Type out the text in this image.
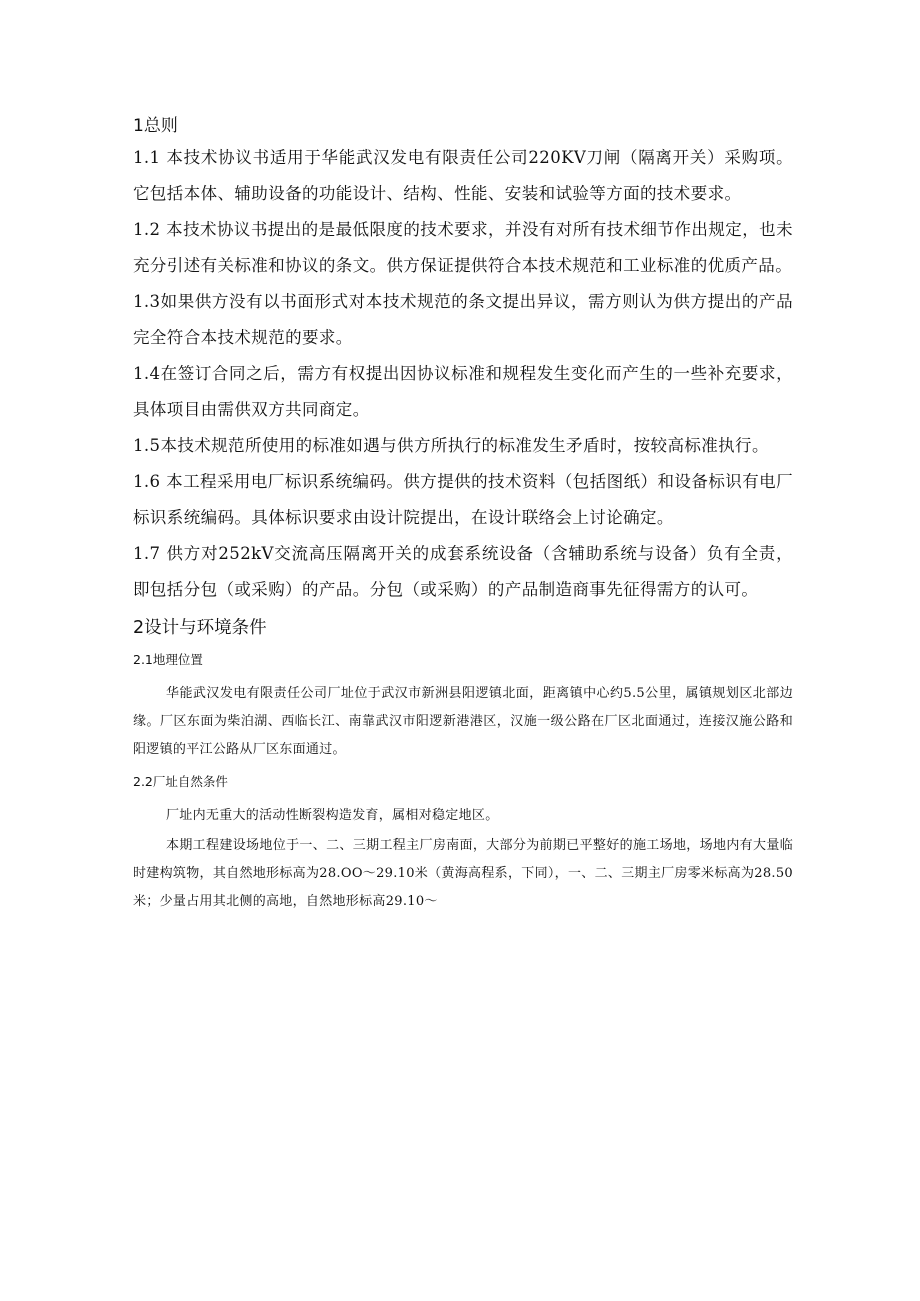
1总则

1.1 本技术协议书适用于华能武汉发电有限责任公司220KV刀闸（隔离开关）采购项。它包括本体、辅助设备的功能设计、结构、性能、安装和试验等方面的技术要求。

1.2 本技术协议书提出的是最低限度的技术要求，并没有对所有技术细节作出规定，也未充分引述有关标准和协议的条文。供方保证提供符合本技术规范和工业标准的优质产品。

1.3如果供方没有以书面形式对本技术规范的条文提出异议，需方则认为供方提出的产品完全符合本技术规范的要求。

1.4在签订合同之后，需方有权提出因协议标准和规程发生变化而产生的一些补充要求，具体项目由需供双方共同商定。

1.5本技术规范所使用的标准如遇与供方所执行的标准发生矛盾时，按较高标准执行。

1.6 本工程采用电厂标识系统编码。供方提供的技术资料（包括图纸）和设备标识有电厂标识系统编码。具体标识要求由设计院提出，在设计联络会上讨论确定。

1.7 供方对252kV交流高压隔离开关的成套系统设备（含辅助系统与设备）负有全责，即包括分包（或采购）的产品。分包（或采购）的产品制造商事先征得需方的认可。

2设计与环境条件
2.1地理位置

华能武汉发电有限责任公司厂址位于武汉市新洲县阳逻镇北面，距离镇中心约5.5公里，属镇规划区北部边缘。厂区东面为柴泊湖、西临长江、南靠武汉市阳逻新港港区，汉施一级公路在厂区北面通过，连接汉施公路和阳逻镇的平江公路从厂区东面通过。

2.2厂址自然条件

厂址内无重大的活动性断裂构造发育，属相对稳定地区。

本期工程建设场地位于一、二、三期工程主厂房南面，大部分为前期已平整好的施工场地，场地内有大量临时建构筑物，其自然地形标高为28.OO～29.10米（黄海高程系，下同），一、二、三期主厂房零米标高为28.50米；少量占用其北侧的高地，自然地形标高29.10～
